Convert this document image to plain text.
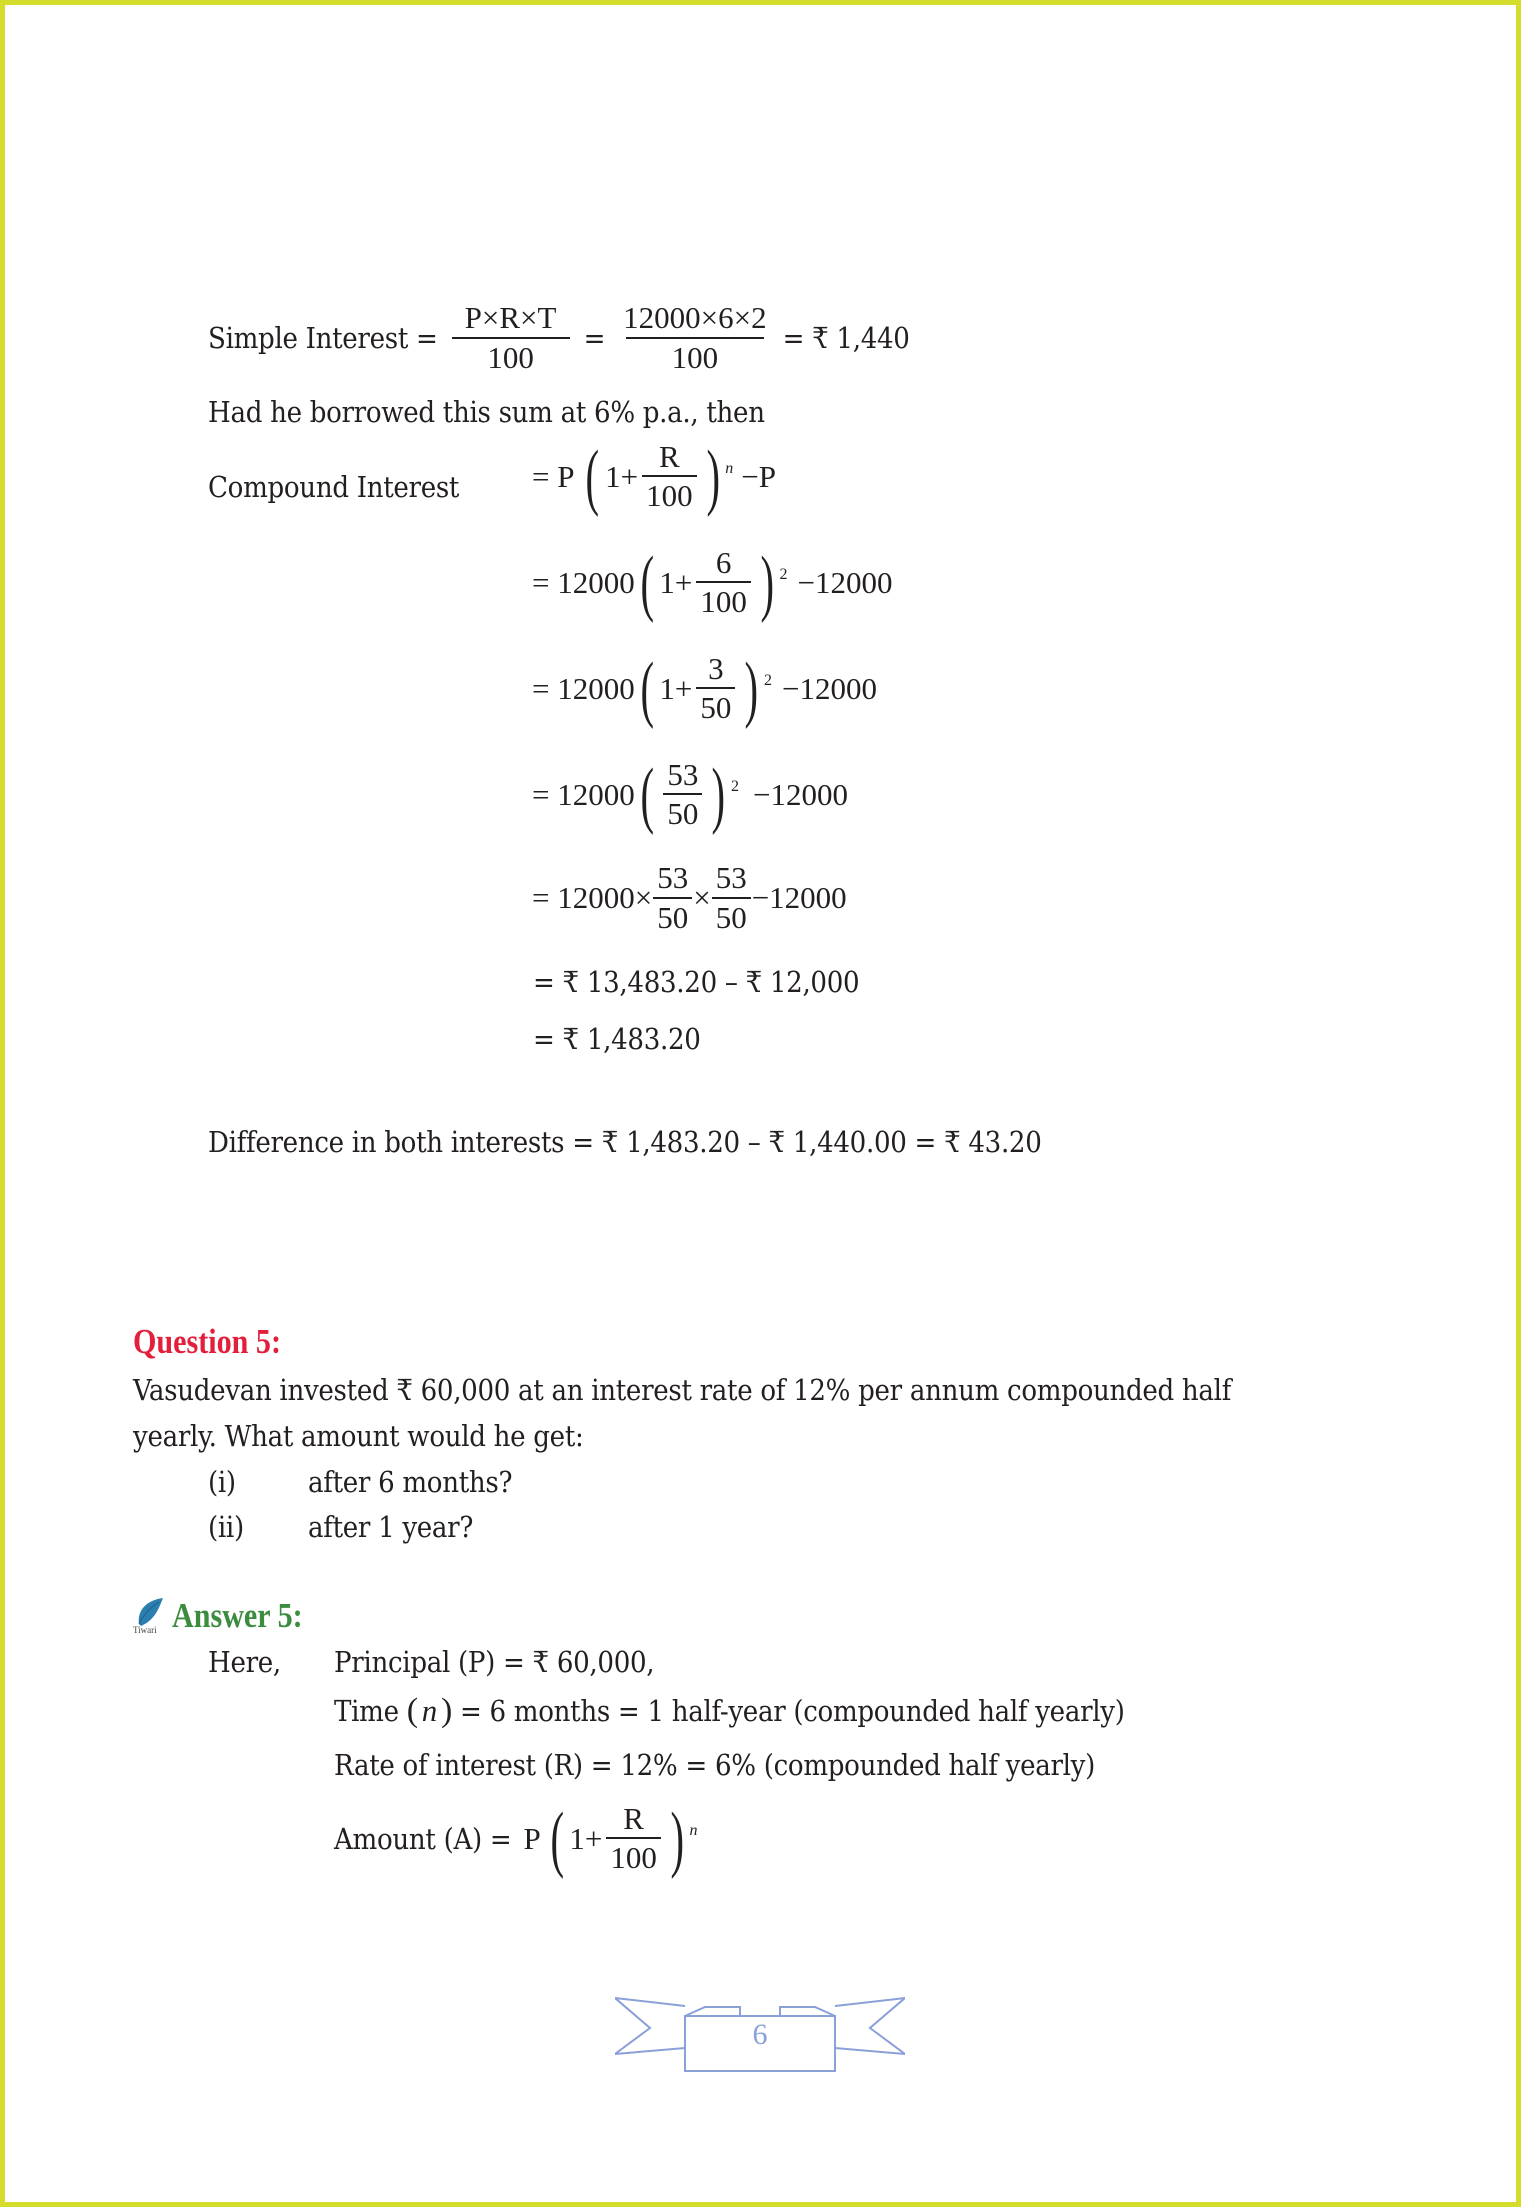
Simple Interest = $\frac{P\times R\times T}{100} = \frac{12000\times 6\times 2}{100}$ = ₹ 1,440
Had he borrowed this sum at 6% p.a., then
Compound Interest = P ( $1+ \frac{R}{100}$ ) n −P
= 12000 ( $1+ \frac{6}{100}$ ) 2 −12000
= 12000 ( $1+ \frac{3}{50}$ ) 2 −12000
= 12000 ( $\frac{53}{50}$ ) 2 −12000
= $12000\times \frac{53}{50} \times \frac{53}{50} -12000$
= ₹ 13,483.20 – ₹ 12,000
= ₹ 1,483.20
Difference in both interests = ₹ 1,483.20 – ₹ 1,440.00 = ₹ 43.20
Question 5:
Vasudevan invested ₹ 60,000 at an interest rate of 12% per annum compounded half
yearly. What amount would he get:
(i) after 6 months?
(ii) after 1 year?
Tiwari Answer 5:
Here, Principal (P) = ₹ 60,000,
Time ( n ) = 6 months = 1 half-year (compounded half yearly)
Rate of interest (R) = 12% = 6% (compounded half yearly)
Amount (A) = P ( $1+ \frac{R}{100}$ ) n
6
